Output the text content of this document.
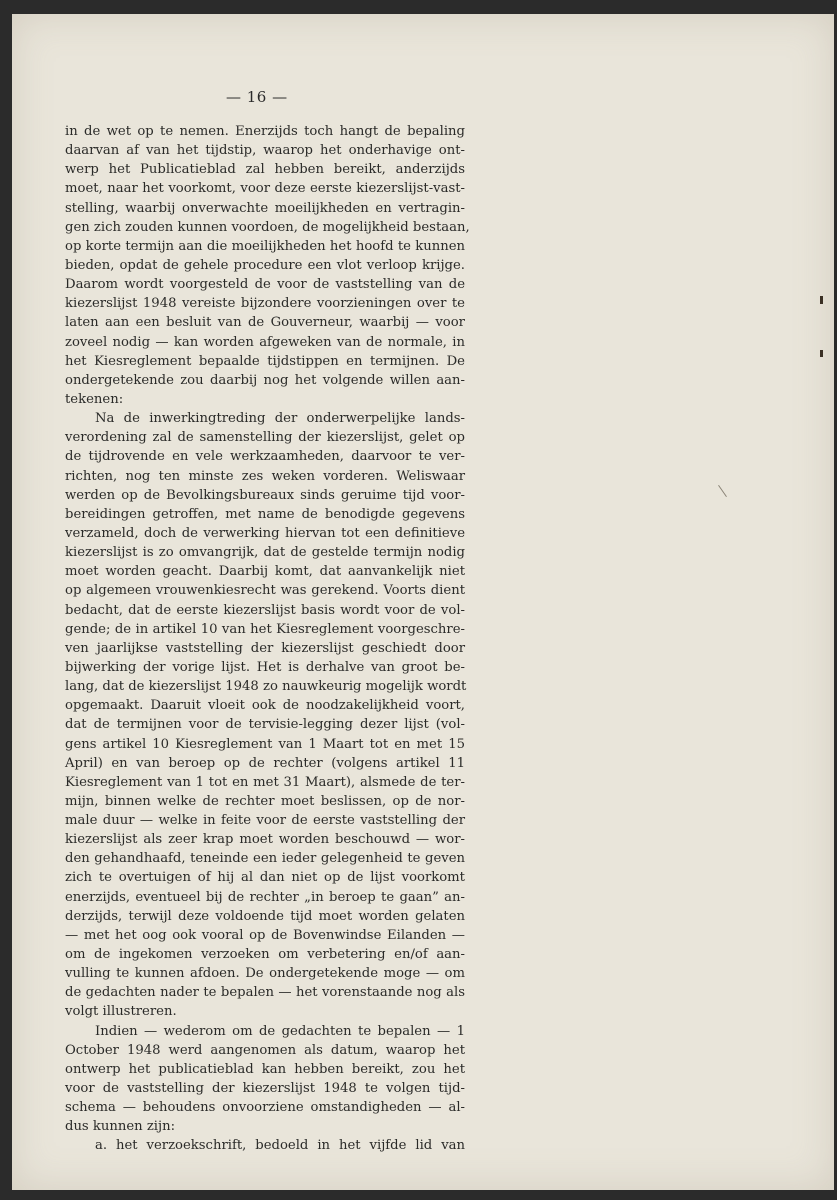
— 16 —
in de wet op te nemen. Enerzijds toch hangt de bepaling
daarvan af van het tijdstip, waarop het onderhavige ont-
werp het Publicatieblad zal hebben bereikt, anderzijds
moet, naar het voorkomt, voor deze eerste kiezerslijst-vast-
stelling, waarbij onverwachte moeilijkheden en vertragin-
gen zich zouden kunnen voordoen, de mogelijkheid bestaan,
op korte termijn aan die moeilijkheden het hoofd te kunnen
bieden, opdat de gehele procedure een vlot verloop krijge.
Daarom wordt voorgesteld de voor de vaststelling van de
kiezerslijst 1948 vereiste bijzondere voorzieningen over te
laten aan een besluit van de Gouverneur, waarbij — voor
zoveel nodig — kan worden afgeweken van de normale, in
het Kiesreglement bepaalde tijdstippen en termijnen. De
ondergetekende zou daarbij nog het volgende willen aan-
tekenen:
Na de inwerkingtreding der onderwerpelijke lands-
verordening zal de samenstelling der kiezerslijst, gelet op
de tijdrovende en vele werkzaamheden, daarvoor te ver-
richten, nog ten minste zes weken vorderen. Weliswaar
werden op de Bevolkingsbureaux sinds geruime tijd voor-
bereidingen getroffen, met name de benodigde gegevens
verzameld, doch de verwerking hiervan tot een definitieve
kiezerslijst is zo omvangrijk, dat de gestelde termijn nodig
moet worden geacht. Daarbij komt, dat aanvankelijk niet
op algemeen vrouwenkiesrecht was gerekend. Voorts dient
bedacht, dat de eerste kiezerslijst basis wordt voor de vol-
gende; de in artikel 10 van het Kiesreglement voorgeschre-
ven jaarlijkse vaststelling der kiezerslijst geschiedt door
bijwerking der vorige lijst. Het is derhalve van groot be-
lang, dat de kiezerslijst 1948 zo nauwkeurig mogelijk wordt
opgemaakt. Daaruit vloeit ook de noodzakelijkheid voort,
dat de termijnen voor de tervisie-legging dezer lijst (vol-
gens artikel 10 Kiesreglement van 1 Maart tot en met 15
April) en van beroep op de rechter (volgens artikel 11
Kiesreglement van 1 tot en met 31 Maart), alsmede de ter-
mijn, binnen welke de rechter moet beslissen, op de nor-
male duur — welke in feite voor de eerste vaststelling der
kiezerslijst als zeer krap moet worden beschouwd — wor-
den gehandhaafd, teneinde een ieder gelegenheid te geven
zich te overtuigen of hij al dan niet op de lijst voorkomt
enerzijds, eventueel bij de rechter „in beroep te gaan” an-
derzijds, terwijl deze voldoende tijd moet worden gelaten
— met het oog ook vooral op de Bovenwindse Eilanden —
om de ingekomen verzoeken om verbetering en/of aan-
vulling te kunnen afdoen. De ondergetekende moge — om
de gedachten nader te bepalen — het vorenstaande nog als
volgt illustreren.
Indien — wederom om de gedachten te bepalen — 1
October 1948 werd aangenomen als datum, waarop het
ontwerp het publicatieblad kan hebben bereikt, zou het
voor de vaststelling der kiezerslijst 1948 te volgen tijd-
schema — behoudens onvoorziene omstandigheden — al-
dus kunnen zijn:
a. het verzoekschrift, bedoeld in het vijfde lid van
